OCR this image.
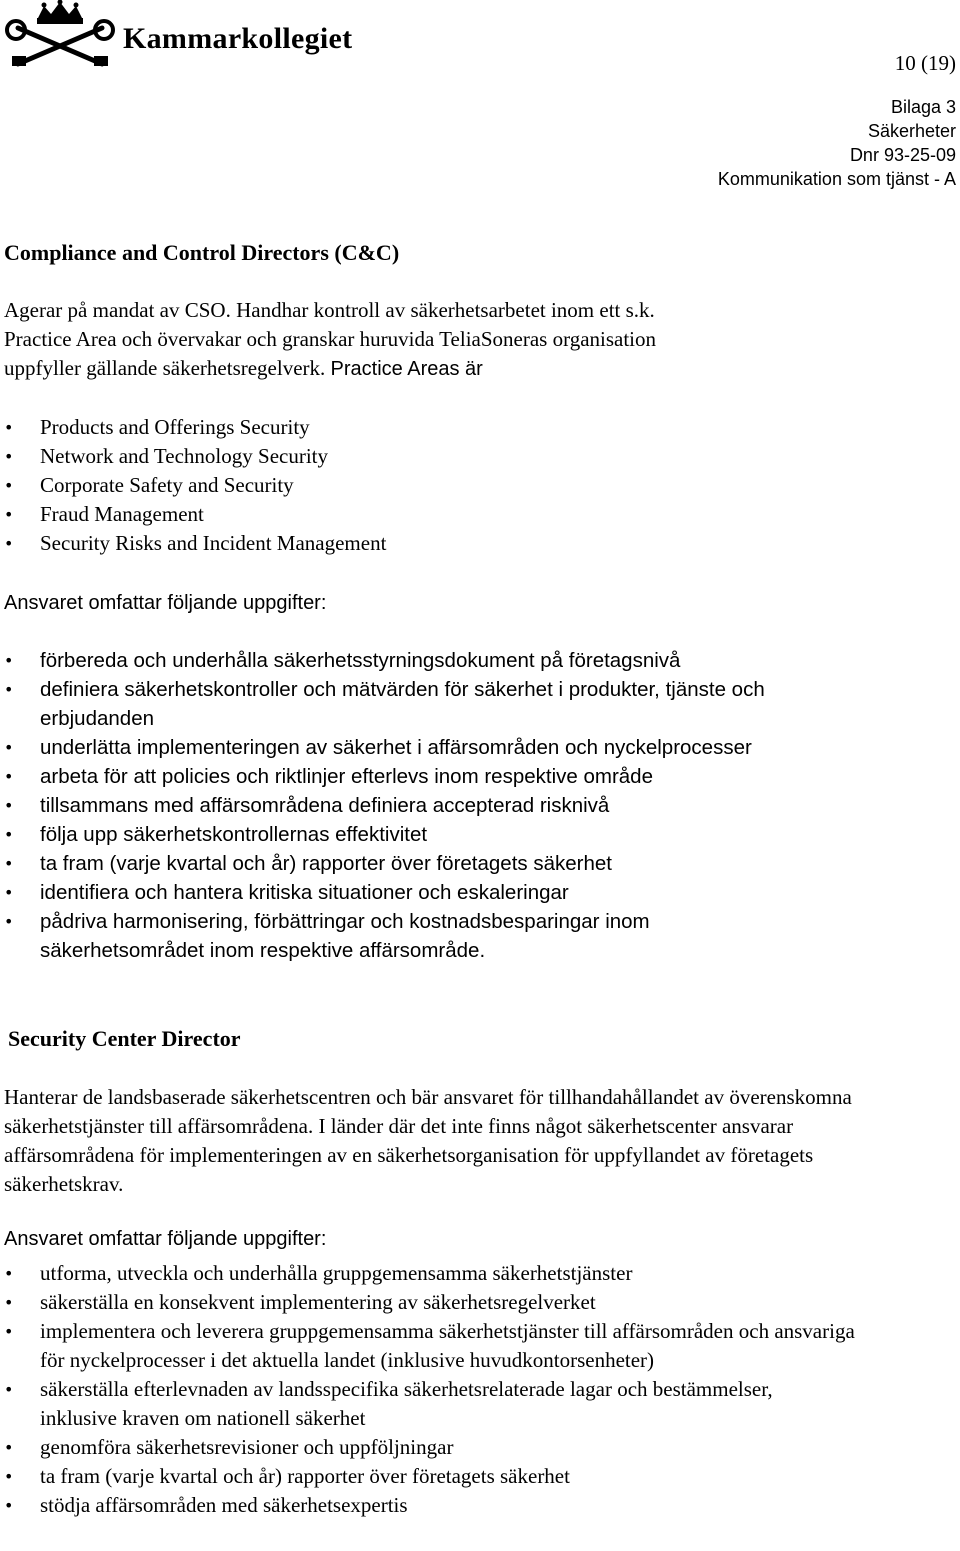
Kammarkollegiet
10 (19)
Bilaga 3
Säkerheter
Dnr 93-25-09
Kommunikation som tjänst - A
Compliance and Control Directors (C&C)
Agerar på mandat av CSO. Handhar kontroll av säkerhetsarbetet inom ett s.k.
Practice Area och övervakar och granskar huruvida TeliaSoneras organisation
uppfyller gällande säkerhetsregelverk. Practice Areas är
• Products and Offerings Security
• Network and Technology Security
• Corporate Safety and Security
• Fraud Management
• Security Risks and Incident Management
Ansvaret omfattar följande uppgifter:
• förbereda och underhålla säkerhetsstyrningsdokument på företagsnivå
• definiera säkerhetskontroller och mätvärden för säkerhet i produkter, tjänste och erbjudanden
• underlätta implementeringen av säkerhet i affärsområden och nyckelprocesser
• arbeta för att policies och riktlinjer efterlevs inom respektive område
• tillsammans med affärsområdena definiera accepterad risknivå
• följa upp säkerhetskontrollernas effektivitet
• ta fram (varje kvartal och år) rapporter över företagets säkerhet
• identifiera och hantera kritiska situationer och eskaleringar
• pådriva harmonisering, förbättringar och kostnadsbesparingar inom säkerhetsområdet inom respektive affärsområde.
Security Center Director
Hanterar de landsbaserade säkerhetscentren och bär ansvaret för tillhandahållandet av överenskomna säkerhetstjänster till affärsområdena. I länder där det inte finns något säkerhetscenter ansvarar affärsområdena för implementeringen av en säkerhetsorganisation för uppfyllandet av företagets säkerhetskrav.
Ansvaret omfattar följande uppgifter:
• utforma, utveckla och underhålla gruppgemensamma säkerhetstjänster
• säkerställa en konsekvent implementering av säkerhetsregelverket
• implementera och leverera gruppgemensamma säkerhetstjänster till affärsområden och ansvariga för nyckelprocesser i det aktuella landet (inklusive huvudkontorsenheter)
• säkerställa efterlevnaden av landsspecifika säkerhetsrelaterade lagar och bestämmelser, inklusive kraven om nationell säkerhet
• genomföra säkerhetsrevisioner och uppföljningar
• ta fram (varje kvartal och år) rapporter över företagets säkerhet
• stödja affärsområden med säkerhetsexpertis
